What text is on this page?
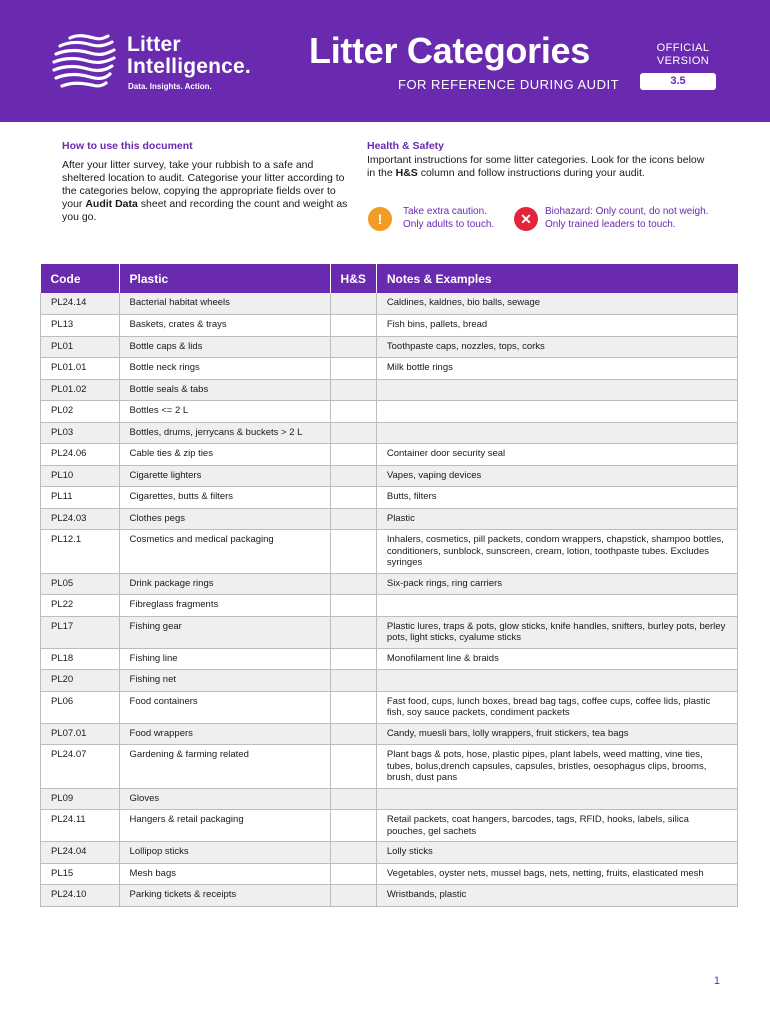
Litter
Intelligence.
Data. Insights. Action.
Litter Categories
FOR REFERENCE DURING AUDIT
OFFICIAL
VERSION
3.5
How to use this document

After your litter survey, take your rubbish to a safe and sheltered location to audit. Categorise your litter according to the categories below, copying the appropriate fields over to your Audit Data sheet and recording the count and weight as you go.

Health & Safety

Important instructions for some litter categories. Look for the icons below in the H&S column and follow instructions during your audit.

!	Take extra caution. Only adults to touch.	✕	Biohazard: Only count, do not weigh. Only trained leaders to touch.
Code	Plastic	H&S	Notes & Examples
PL24.14	Bacterial habitat wheels		Caldines, kaldnes, bio balls, sewage
PL13	Baskets, crates & trays		Fish bins, pallets, bread
PL01	Bottle caps & lids		Toothpaste caps, nozzles, tops, corks
PL01.01	Bottle neck rings		Milk bottle rings
PL01.02	Bottle seals & tabs		
PL02	Bottles <= 2 L		
PL03	Bottles, drums, jerrycans & buckets > 2 L		
PL24.06	Cable ties & zip ties		Container door security seal
PL10	Cigarette lighters		Vapes, vaping devices
PL11	Cigarettes, butts & filters		Butts, filters
PL24.03	Clothes pegs		Plastic
PL12.1	Cosmetics and medical packaging		Inhalers, cosmetics, pill packets, condom wrappers, chapstick, shampoo bottles, conditioners, sunblock, sunscreen, cream, lotion, toothpaste tubes. Excludes syringes
PL05	Drink package rings		Six-pack rings, ring carriers
PL22	Fibreglass fragments		
PL17	Fishing gear		Plastic lures, traps & pots, glow sticks, knife handles, snifters, burley pots, berley pots, light sticks, cyalume sticks
PL18	Fishing line		Monofilament line & braids
PL20	Fishing net		
PL06	Food containers		Fast food, cups, lunch boxes, bread bag tags, coffee cups, coffee lids, plastic fish, soy sauce packets, condiment packets
PL07.01	Food wrappers		Candy, muesli bars, lolly wrappers, fruit stickers, tea bags
PL24.07	Gardening & farming related		Plant bags & pots, hose, plastic pipes, plant labels, weed matting, vine ties, tubes, bolus,drench capsules, capsules, bristles, oesophagus clips, brooms, brush, dust pans
PL09	Gloves		
PL24.11	Hangers & retail packaging		Retail packets, coat hangers, barcodes, tags, RFID, hooks, labels, silica pouches, gel sachets
PL24.04	Lollipop sticks		Lolly sticks
PL15	Mesh bags		Vegetables, oyster nets, mussel bags, nets, netting, fruits, elasticated mesh
PL24.10	Parking tickets & receipts		Wristbands, plastic
1
